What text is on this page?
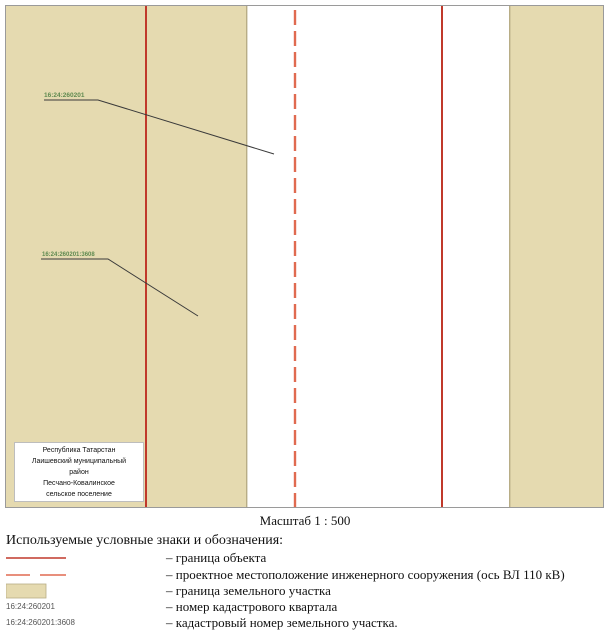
16:24:260201
16:24:260201:3608
Республика Татарстан
Лаишевский муниципальный
район
Песчано-Ковалинское
сельское поселение
Масштаб 1 : 500
Используемые условные знаки и обозначения:
– граница объекта
– проектное местоположение инженерного сооружения (ось ВЛ 110 кВ)
– граница земельного участка
16:24:260201	– номер кадастрового квартала
16:24:260201:3608	– кадастровый номер земельного участка.
